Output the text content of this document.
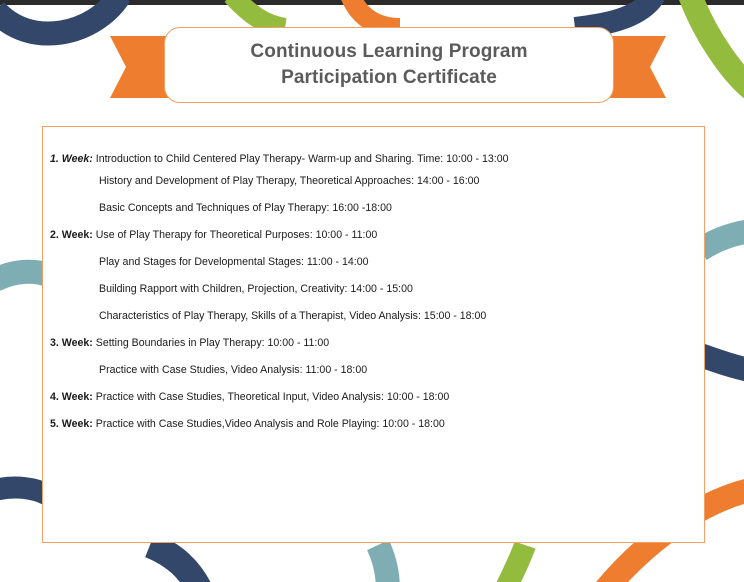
Continuous Learning Program
Participation Certificate
1. Week: Introduction to Child Centered Play Therapy- Warm-up and Sharing. Time: 10:00 - 13:00
History and Development of Play Therapy, Theoretical Approaches: 14:00 - 16:00
Basic Concepts and Techniques of Play Therapy: 16:00 -18:00
2. Week: Use of Play Therapy for Theoretical Purposes: 10:00 - 11:00
Play and Stages for Developmental Stages: 11:00 - 14:00
Building Rapport with Children, Projection, Creativity: 14:00 - 15:00
Characteristics of Play Therapy, Skills of a Therapist, Video Analysis: 15:00 - 18:00
3. Week: Setting Boundaries in Play Therapy: 10:00 - 11:00
Practice with Case Studies, Video Analysis: 11:00 - 18:00
4. Week: Practice with Case Studies, Theoretical Input, Video Analysis: 10:00 - 18:00
5. Week: Practice with Case Studies,Video Analysis and Role Playing: 10:00 - 18:00
